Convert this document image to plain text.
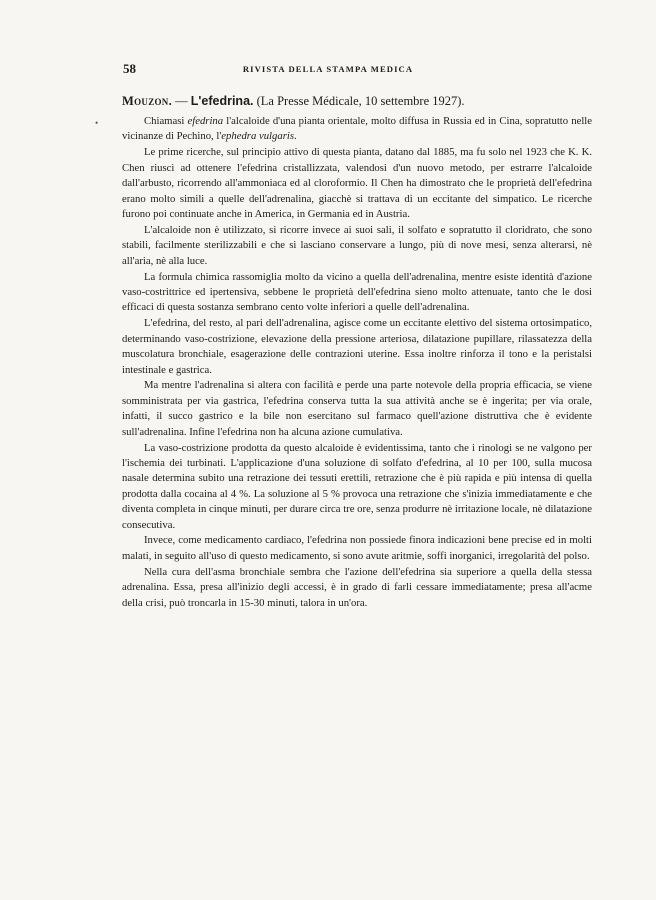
58	RIVISTA DELLA STAMPA MEDICA
•
Mouzon. — L'efedrina. (La Presse Médicale, 10 settembre 1927).

Chiamasi efedrina l'alcaloide d'una pianta orientale, molto diffusa in Russia ed in Cina, sopratutto nelle vicinanze di Pechino, l'ephedra vulgaris.

Le prime ricerche, sul principio attivo di questa pianta, datano dal 1885, ma fu solo nel 1923 che K. K. Chen riuscì ad ottenere l'efedrina cristallizzata, valendosi d'un nuovo metodo, per estrarre l'alcaloide dall'arbusto, ricorrendo all'ammoniaca ed al cloroformio. Il Chen ha dimostrato che le proprietà dell'efedrina erano molto simili a quelle dell'adrenalina, giacchè si trattava di un eccitante del simpatico. Le ricerche furono poi continuate anche in America, in Germania ed in Austria.

L'alcaloide non è utilizzato, si ricorre invece ai suoi sali, il solfato e sopratutto il cloridrato, che sono stabili, facilmente sterilizzabili e che si lasciano conservare a lungo, più di nove mesi, senza alterarsi, nè all'aria, nè alla luce.

La formula chimica rassomiglia molto da vicino a quella dell'adrenalina, mentre esiste identità d'azione vaso-costrittrice ed ipertensiva, sebbene le proprietà dell'efedrina sieno molto attenuate, tanto che le dosi efficaci di questa sostanza sembrano cento volte inferiori a quelle dell'adrenalina.

L'efedrina, del resto, al pari dell'adrenalina, agisce come un eccitante elettivo del sistema ortosimpatico, determinando vaso-costrizione, elevazione della pressione arteriosa, dilatazione pupillare, rilassatezza della muscolatura bronchiale, esagerazione delle contrazioni uterine. Essa inoltre rinforza il tono e la peristalsi intestinale e gastrica.

Ma mentre l'adrenalina si altera con facilità e perde una parte notevole della propria efficacia, se viene somministrata per via gastrica, l'efedrina conserva tutta la sua attività anche se è ingerita; per via orale, infatti, il succo gastrico e la bile non esercitano sul farmaco quell'azione distruttiva che è evidente sull'adrenalina. Infine l'efedrina non ha alcuna azione cumulativa.

La vaso-costrizione prodotta da questo alcaloide è evidentissima, tanto che i rinologi se ne valgono per l'ischemia dei turbinati. L'applicazione d'una soluzione di solfato d'efedrina, al 10 per 100, sulla mucosa nasale determina subito una retrazione dei tessuti erettili, retrazione che è più rapida e più intensa di quella prodotta dalla cocaina al 4 %. La soluzione al 5 % provoca una retrazione che s'inizia immediatamente e che diventa completa in cinque minuti, per durare circa tre ore, senza produrre nè irritazione locale, nè dilatazione consecutiva.

Invece, come medicamento cardiaco, l'efedrina non possiede finora indicazioni bene precise ed in molti malati, in seguito all'uso di questo medicamento, si sono avute aritmie, soffi inorganici, irregolarità del polso.

Nella cura dell'asma bronchiale sembra che l'azione dell'efedrina sia superiore a quella della stessa adrenalina. Essa, presa all'inizio degli accessi, è in grado di farli cessare immediatamente; presa all'acme della crisi, può troncarla in 15-30 minuti, talora in un'ora.
